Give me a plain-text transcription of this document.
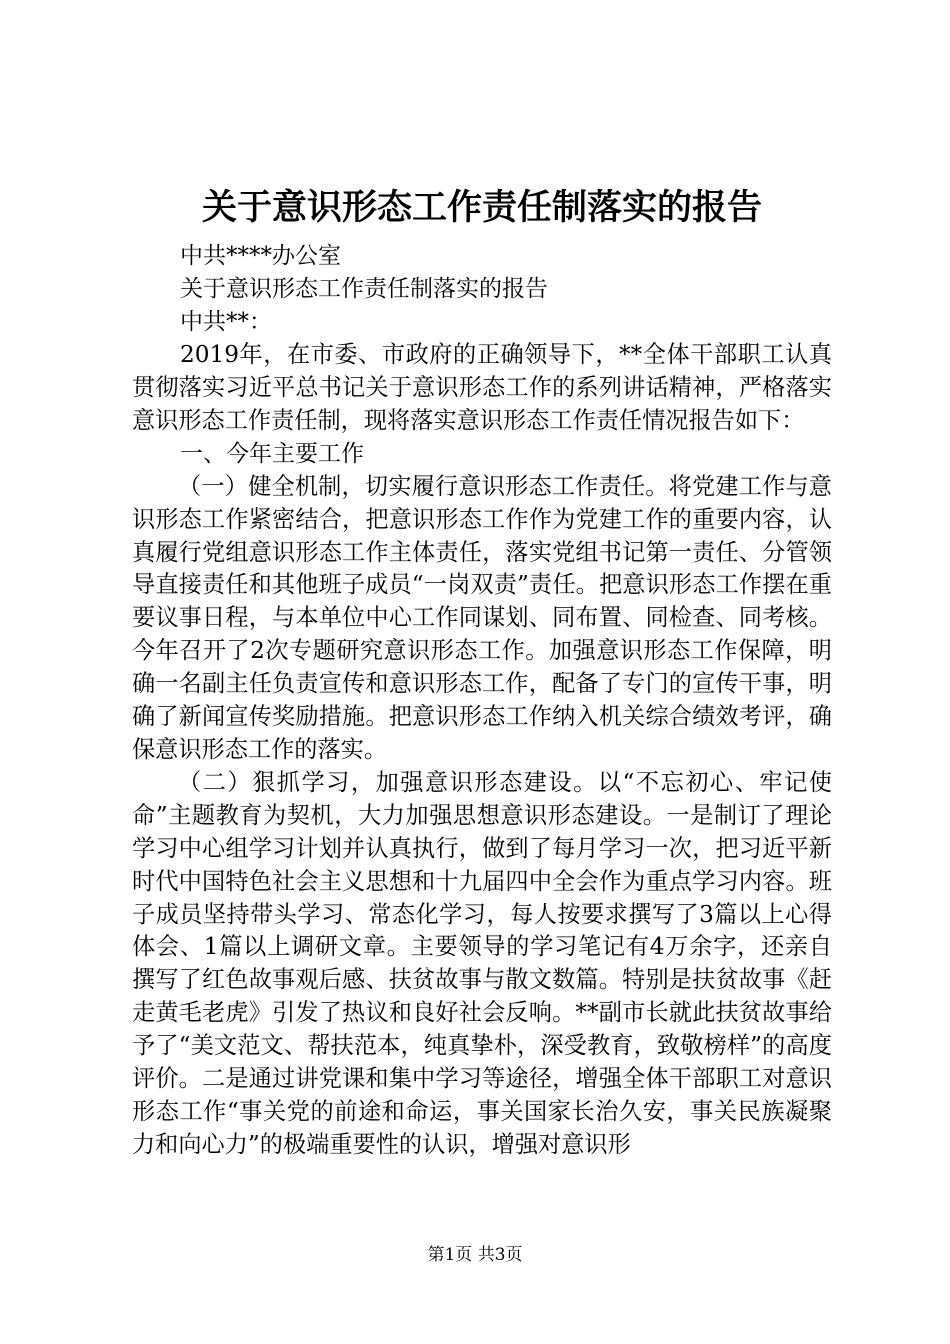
关于意识形态工作责任制落实的报告

中共****办公室

关于意识形态工作责任制落实的报告

中共**：

2019年，在市委、市政府的正确领导下，**全体干部职工认真贯彻落实习近平总书记关于意识形态工作的系列讲话精神，严格落实意识形态工作责任制，现将落实意识形态工作责任情况报告如下：

一、今年主要工作

（一）健全机制，切实履行意识形态工作责任。将党建工作与意识形态工作紧密结合，把意识形态工作作为党建工作的重要内容，认真履行党组意识形态工作主体责任，落实党组书记第一责任、分管领导直接责任和其他班子成员“一岗双责”责任。把意识形态工作摆在重要议事日程，与本单位中心工作同谋划、同布置、同检查、同考核。今年召开了2次专题研究意识形态工作。加强意识形态工作保障，明确一名副主任负责宣传和意识形态工作，配备了专门的宣传干事，明确了新闻宣传奖励措施。把意识形态工作纳入机关综合绩效考评，确保意识形态工作的落实。

（二）狠抓学习，加强意识形态建设。以“不忘初心、牢记使命”主题教育为契机，大力加强思想意识形态建设。一是制订了理论学习中心组学习计划并认真执行，做到了每月学习一次，把习近平新时代中国特色社会主义思想和十九届四中全会作为重点学习内容。班子成员坚持带头学习、常态化学习，每人按要求撰写了3篇以上心得体会、1篇以上调研文章。主要领导的学习笔记有4万余字，还亲自撰写了红色故事观后感、扶贫故事与散文数篇。特别是扶贫故事《赶走黄毛老虎》引发了热议和良好社会反响。**副市长就此扶贫故事给予了“美文范文、帮扶范本，纯真挚朴，深受教育，致敬榜样”的高度评价。二是通过讲党课和集中学习等途径，增强全体干部职工对意识形态工作“事关党的前途和命运，事关国家长治久安，事关民族凝聚力和向心力”的极端重要性的认识，增强对意识形

第1页 共3页
